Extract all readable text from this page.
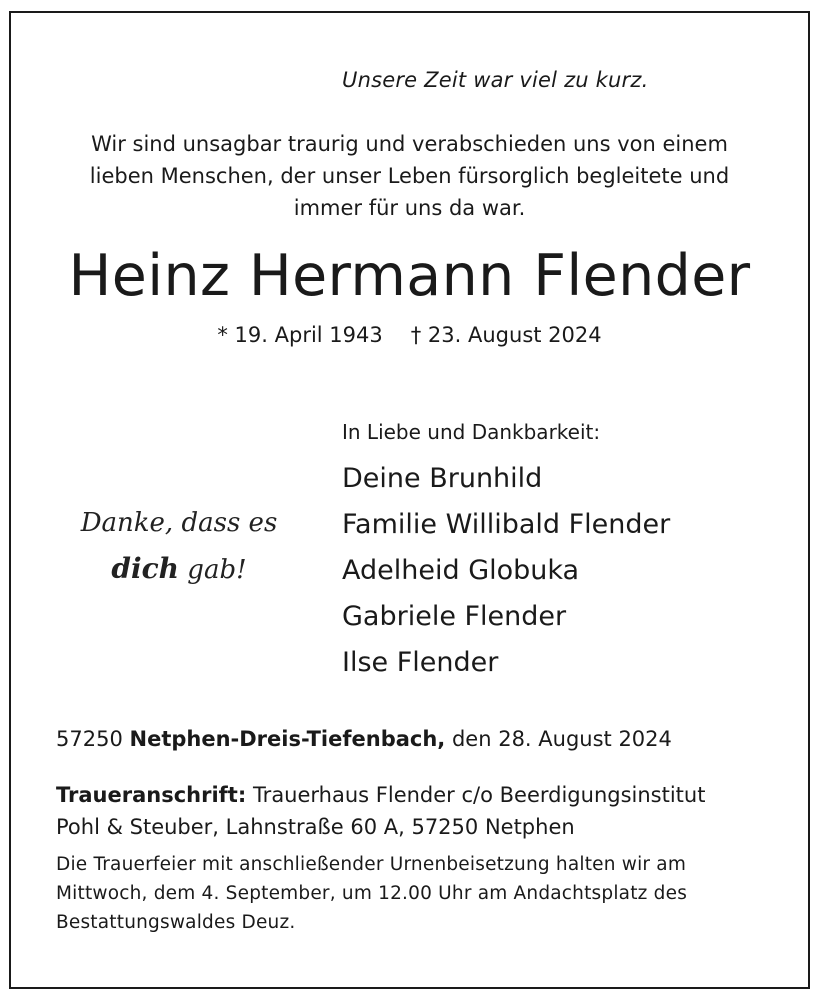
Unsere Zeit war viel zu kurz.
Wir sind unsagbar traurig und verabschieden uns von einem
lieben Menschen, der unser Leben fürsorglich begleitete und
immer für uns da war.
Heinz Hermann Flender
* 19. April 1943 † 23. August 2024
In Liebe und Dankbarkeit:
Deine Brunhild
Familie Willibald Flender
Adelheid Globuka
Gabriele Flender
Ilse Flender
Danke, dass es
dich gab!
57250 Netphen-Dreis-Tiefenbach, den 28. August 2024
Traueranschrift: Trauerhaus Flender c/o Beerdigungsinstitut
Pohl & Steuber, Lahnstraße 60 A, 57250 Netphen
Die Trauerfeier mit anschließender Urnenbeisetzung halten wir am
Mittwoch, dem 4. September, um 12.00 Uhr am Andachtsplatz des
Bestattungswaldes Deuz.
